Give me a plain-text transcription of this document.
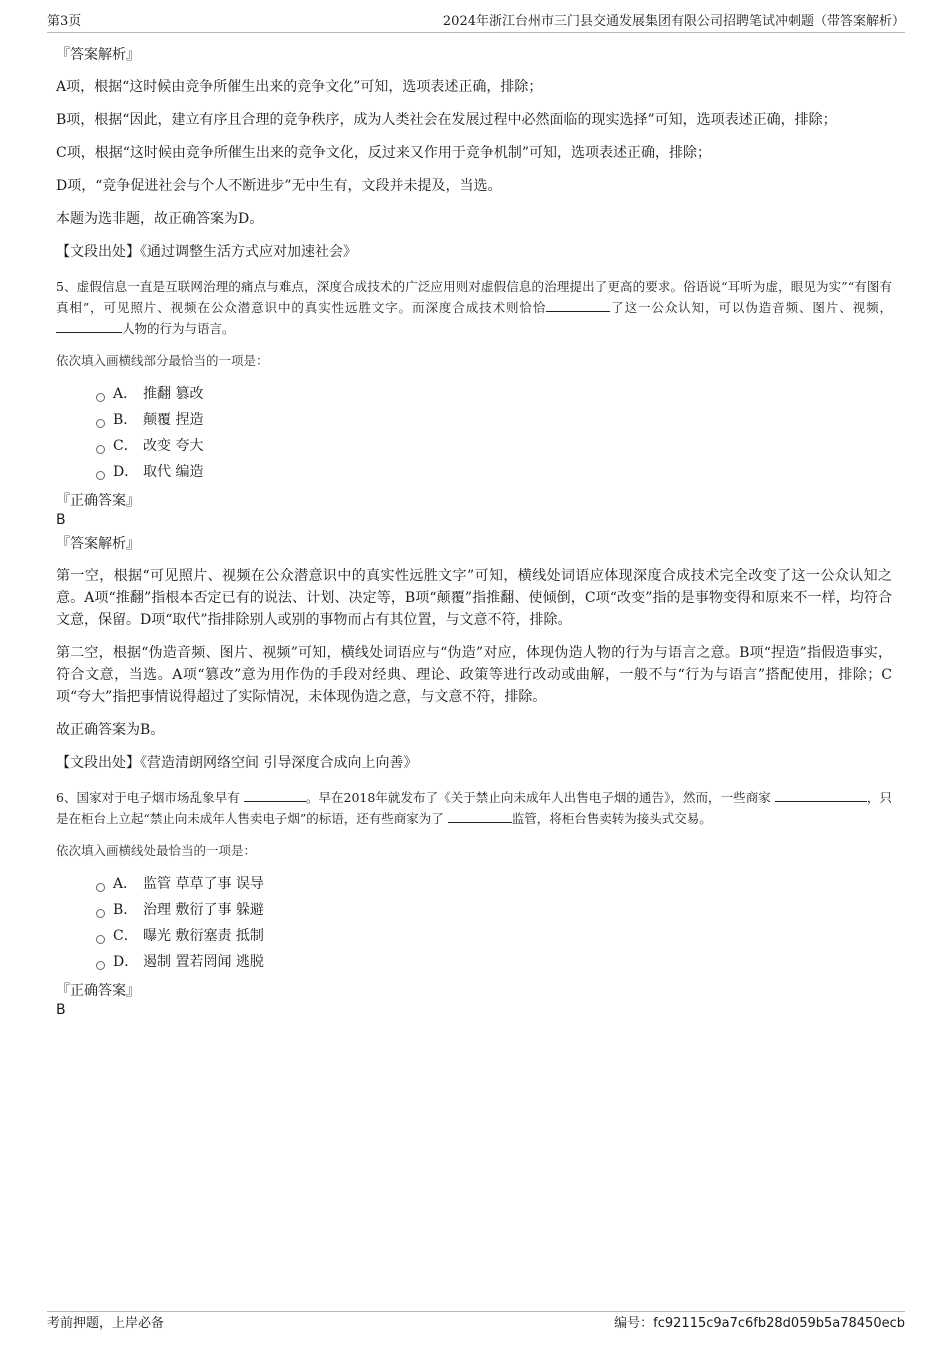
第3页	2024年浙江台州市三门县交通发展集团有限公司招聘笔试冲刺题（带答案解析）

『答案解析』

A项，根据“这时候由竞争所催生出来的竞争文化”可知，选项表述正确，排除；

B项，根据“因此，建立有序且合理的竞争秩序，成为人类社会在发展过程中必然面临的现实选择”可知，选项表述正确，排除；

C项，根据“这时候由竞争所催生出来的竞争文化，反过来又作用于竞争机制”可知，选项表述正确，排除；

D项，“竞争促进社会与个人不断进步”无中生有，文段并未提及，当选。

本题为选非题，故正确答案为D。

【文段出处】《通过调整生活方式应对加速社会》

5、虚假信息一直是互联网治理的痛点与难点，深度合成技术的广泛应用则对虚假信息的治理提出了更高的要求。俗语说“耳听为虚，眼见为实”“有图有真相”，可见照片、视频在公众潜意识中的真实性远胜文字。而深度合成技术则恰恰	了这一公众认知，可以伪造音频、图片、视频，人物的行为与语言。

依次填入画横线部分最恰当的一项是：

A． 推翻 篡改
B． 颠覆 捏造
C． 改变 夸大
D． 取代 编造

『正确答案』

B

『答案解析』

第一空，根据“可见照片、视频在公众潜意识中的真实性远胜文字”可知，横线处词语应体现深度合成技术完全改变了这一公众认知之意。A项“推翻”指根本否定已有的说法、计划、决定等，B项“颠覆”指推翻、使倾倒，C项“改变”指的是事物变得和原来不一样，均符合文意，保留。D项“取代”指排除别人或别的事物而占有其位置，与文意不符，排除。

第二空，根据“伪造音频、图片、视频”可知，横线处词语应与“伪造”对应，体现伪造人物的行为与语言之意。B项“捏造”指假造事实，符合文意，当选。A项“篡改”意为用作伪的手段对经典、理论、政策等进行改动或曲解，一般不与“行为与语言”搭配使用，排除；C项“夸大”指把事情说得超过了实际情况，未体现伪造之意，与文意不符，排除。

故正确答案为B。

【文段出处】《营造清朗网络空间 引导深度合成向上向善》

6、国家对于电子烟市场乱象早有	。早在2018年就发布了《关于禁止向未成年人出售电子烟的通告》，然而，一些商家	，只是在柜台上立起“禁止向未成年人售卖电子烟”的标语，还有些商家为了	监管，将柜台售卖转为接头式交易。

依次填入画横线处最恰当的一项是：

A． 监管 草草了事 误导
B． 治理 敷衍了事 躲避
C． 曝光 敷衍塞责 抵制
D． 遏制 置若罔闻 逃脱

『正确答案』

B

考前押题，上岸必备	编号：fc92115c9a7c6fb28d059b5a78450ecb
